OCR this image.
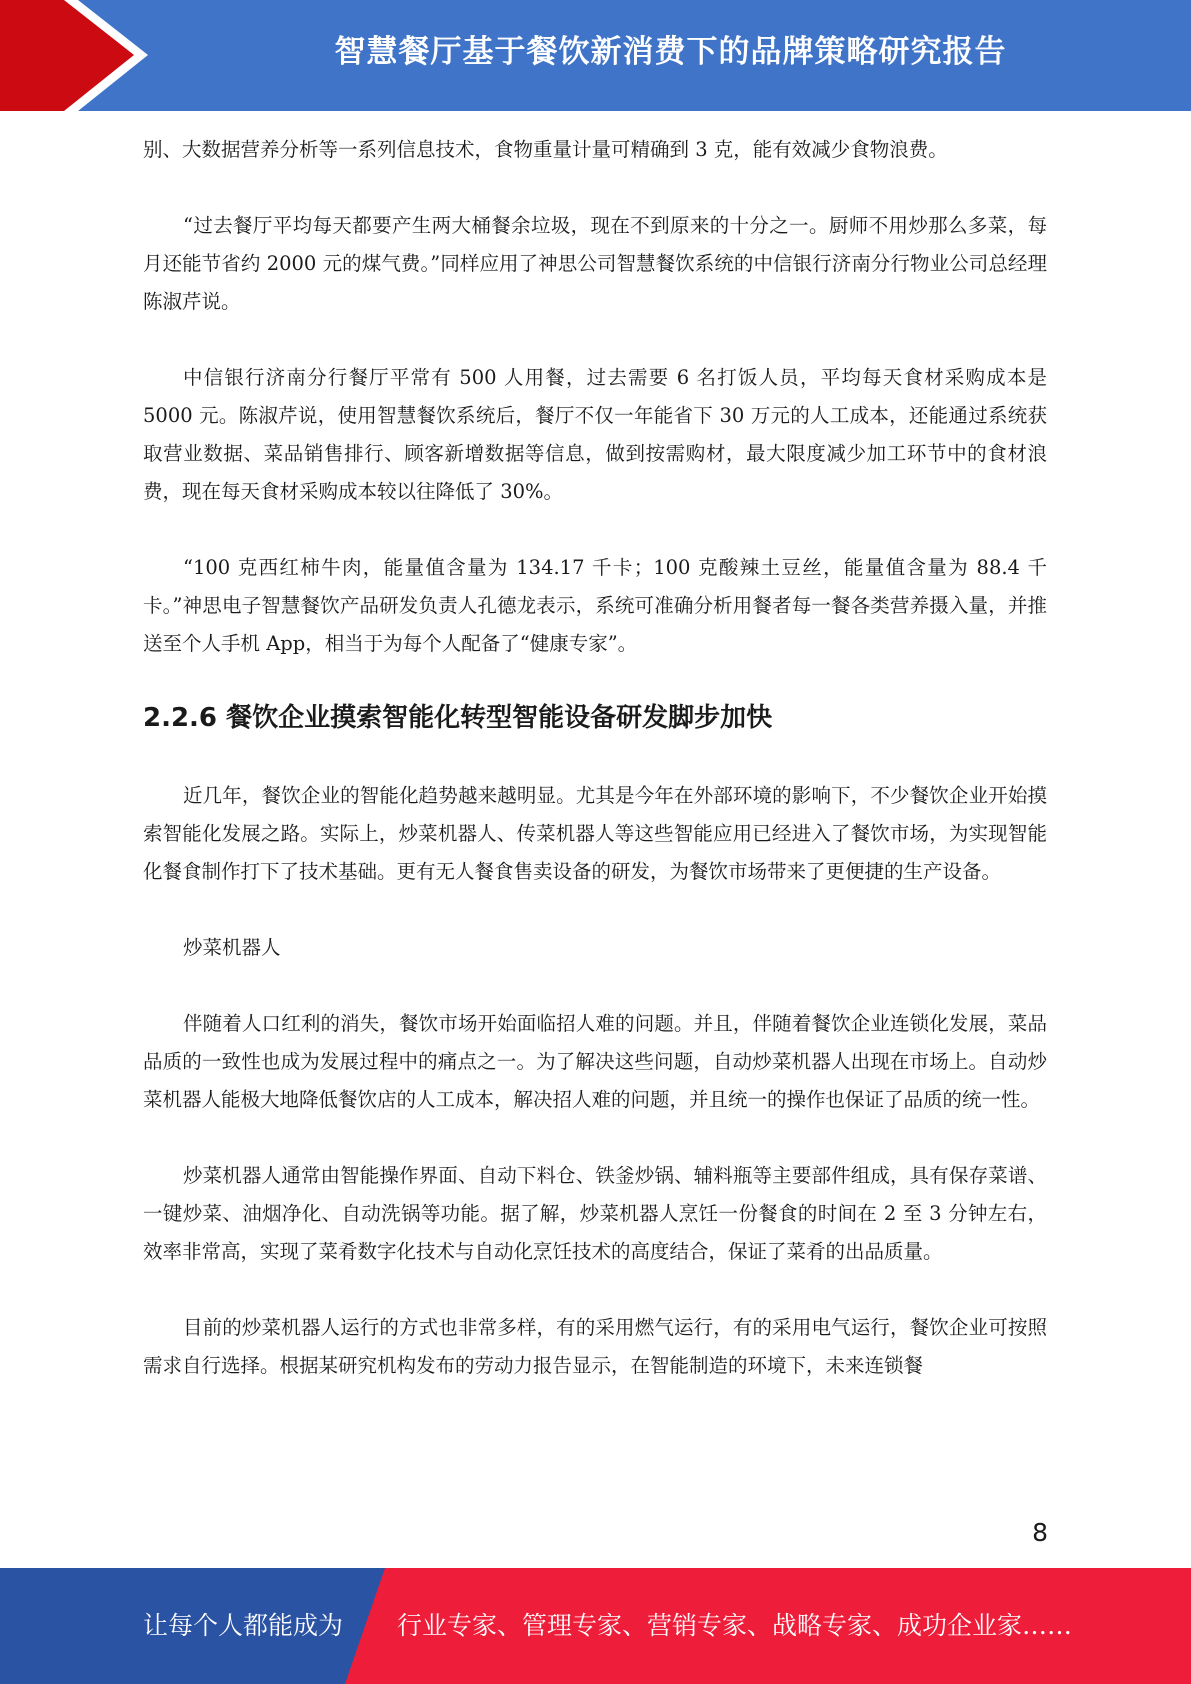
智慧餐厅基于餐饮新消费下的品牌策略研究报告

别、大数据营养分析等一系列信息技术，食物重量计量可精确到 3 克，能有效减少食物浪费。

“过去餐厅平均每天都要产生两大桶餐余垃圾，现在不到原来的十分之一。厨师不用炒那么多菜，每月还能节省约 2000 元的煤气费。”同样应用了神思公司智慧餐饮系统的中信银行济南分行物业公司总经理陈淑芹说。

中信银行济南分行餐厅平常有 500 人用餐，过去需要 6 名打饭人员，平均每天食材采购成本是 5000 元。陈淑芹说，使用智慧餐饮系统后，餐厅不仅一年能省下 30 万元的人工成本，还能通过系统获取营业数据、菜品销售排行、顾客新增数据等信息，做到按需购材，最大限度减少加工环节中的食材浪费，现在每天食材采购成本较以往降低了 30%。

“100 克西红柿牛肉，能量值含量为 134.17 千卡；100 克酸辣土豆丝，能量值含量为 88.4 千卡。”神思电子智慧餐饮产品研发负责人孔德龙表示，系统可准确分析用餐者每一餐各类营养摄入量，并推送至个人手机 App，相当于为每个人配备了“健康专家”。

2.2.6 餐饮企业摸索智能化转型智能设备研发脚步加快

近几年，餐饮企业的智能化趋势越来越明显。尤其是今年在外部环境的影响下，不少餐饮企业开始摸索智能化发展之路。实际上，炒菜机器人、传菜机器人等这些智能应用已经进入了餐饮市场，为实现智能化餐食制作打下了技术基础。更有无人餐食售卖设备的研发，为餐饮市场带来了更便捷的生产设备。

炒菜机器人

伴随着人口红利的消失，餐饮市场开始面临招人难的问题。并且，伴随着餐饮企业连锁化发展，菜品品质的一致性也成为发展过程中的痛点之一。为了解决这些问题，自动炒菜机器人出现在市场上。自动炒菜机器人能极大地降低餐饮店的人工成本，解决招人难的问题，并且统一的操作也保证了品质的统一性。

炒菜机器人通常由智能操作界面、自动下料仓、铁釜炒锅、辅料瓶等主要部件组成，具有保存菜谱、一键炒菜、油烟净化、自动洗锅等功能。据了解，炒菜机器人烹饪一份餐食的时间在 2 至 3 分钟左右，效率非常高，实现了菜肴数字化技术与自动化烹饪技术的高度结合，保证了菜肴的出品质量。

目前的炒菜机器人运行的方式也非常多样，有的采用燃气运行，有的采用电气运行，餐饮企业可按照需求自行选择。根据某研究机构发布的劳动力报告显示，在智能制造的环境下，未来连锁餐

8
让每个人都能成为 行业专家、管理专家、营销专家、战略专家、成功企业家……
